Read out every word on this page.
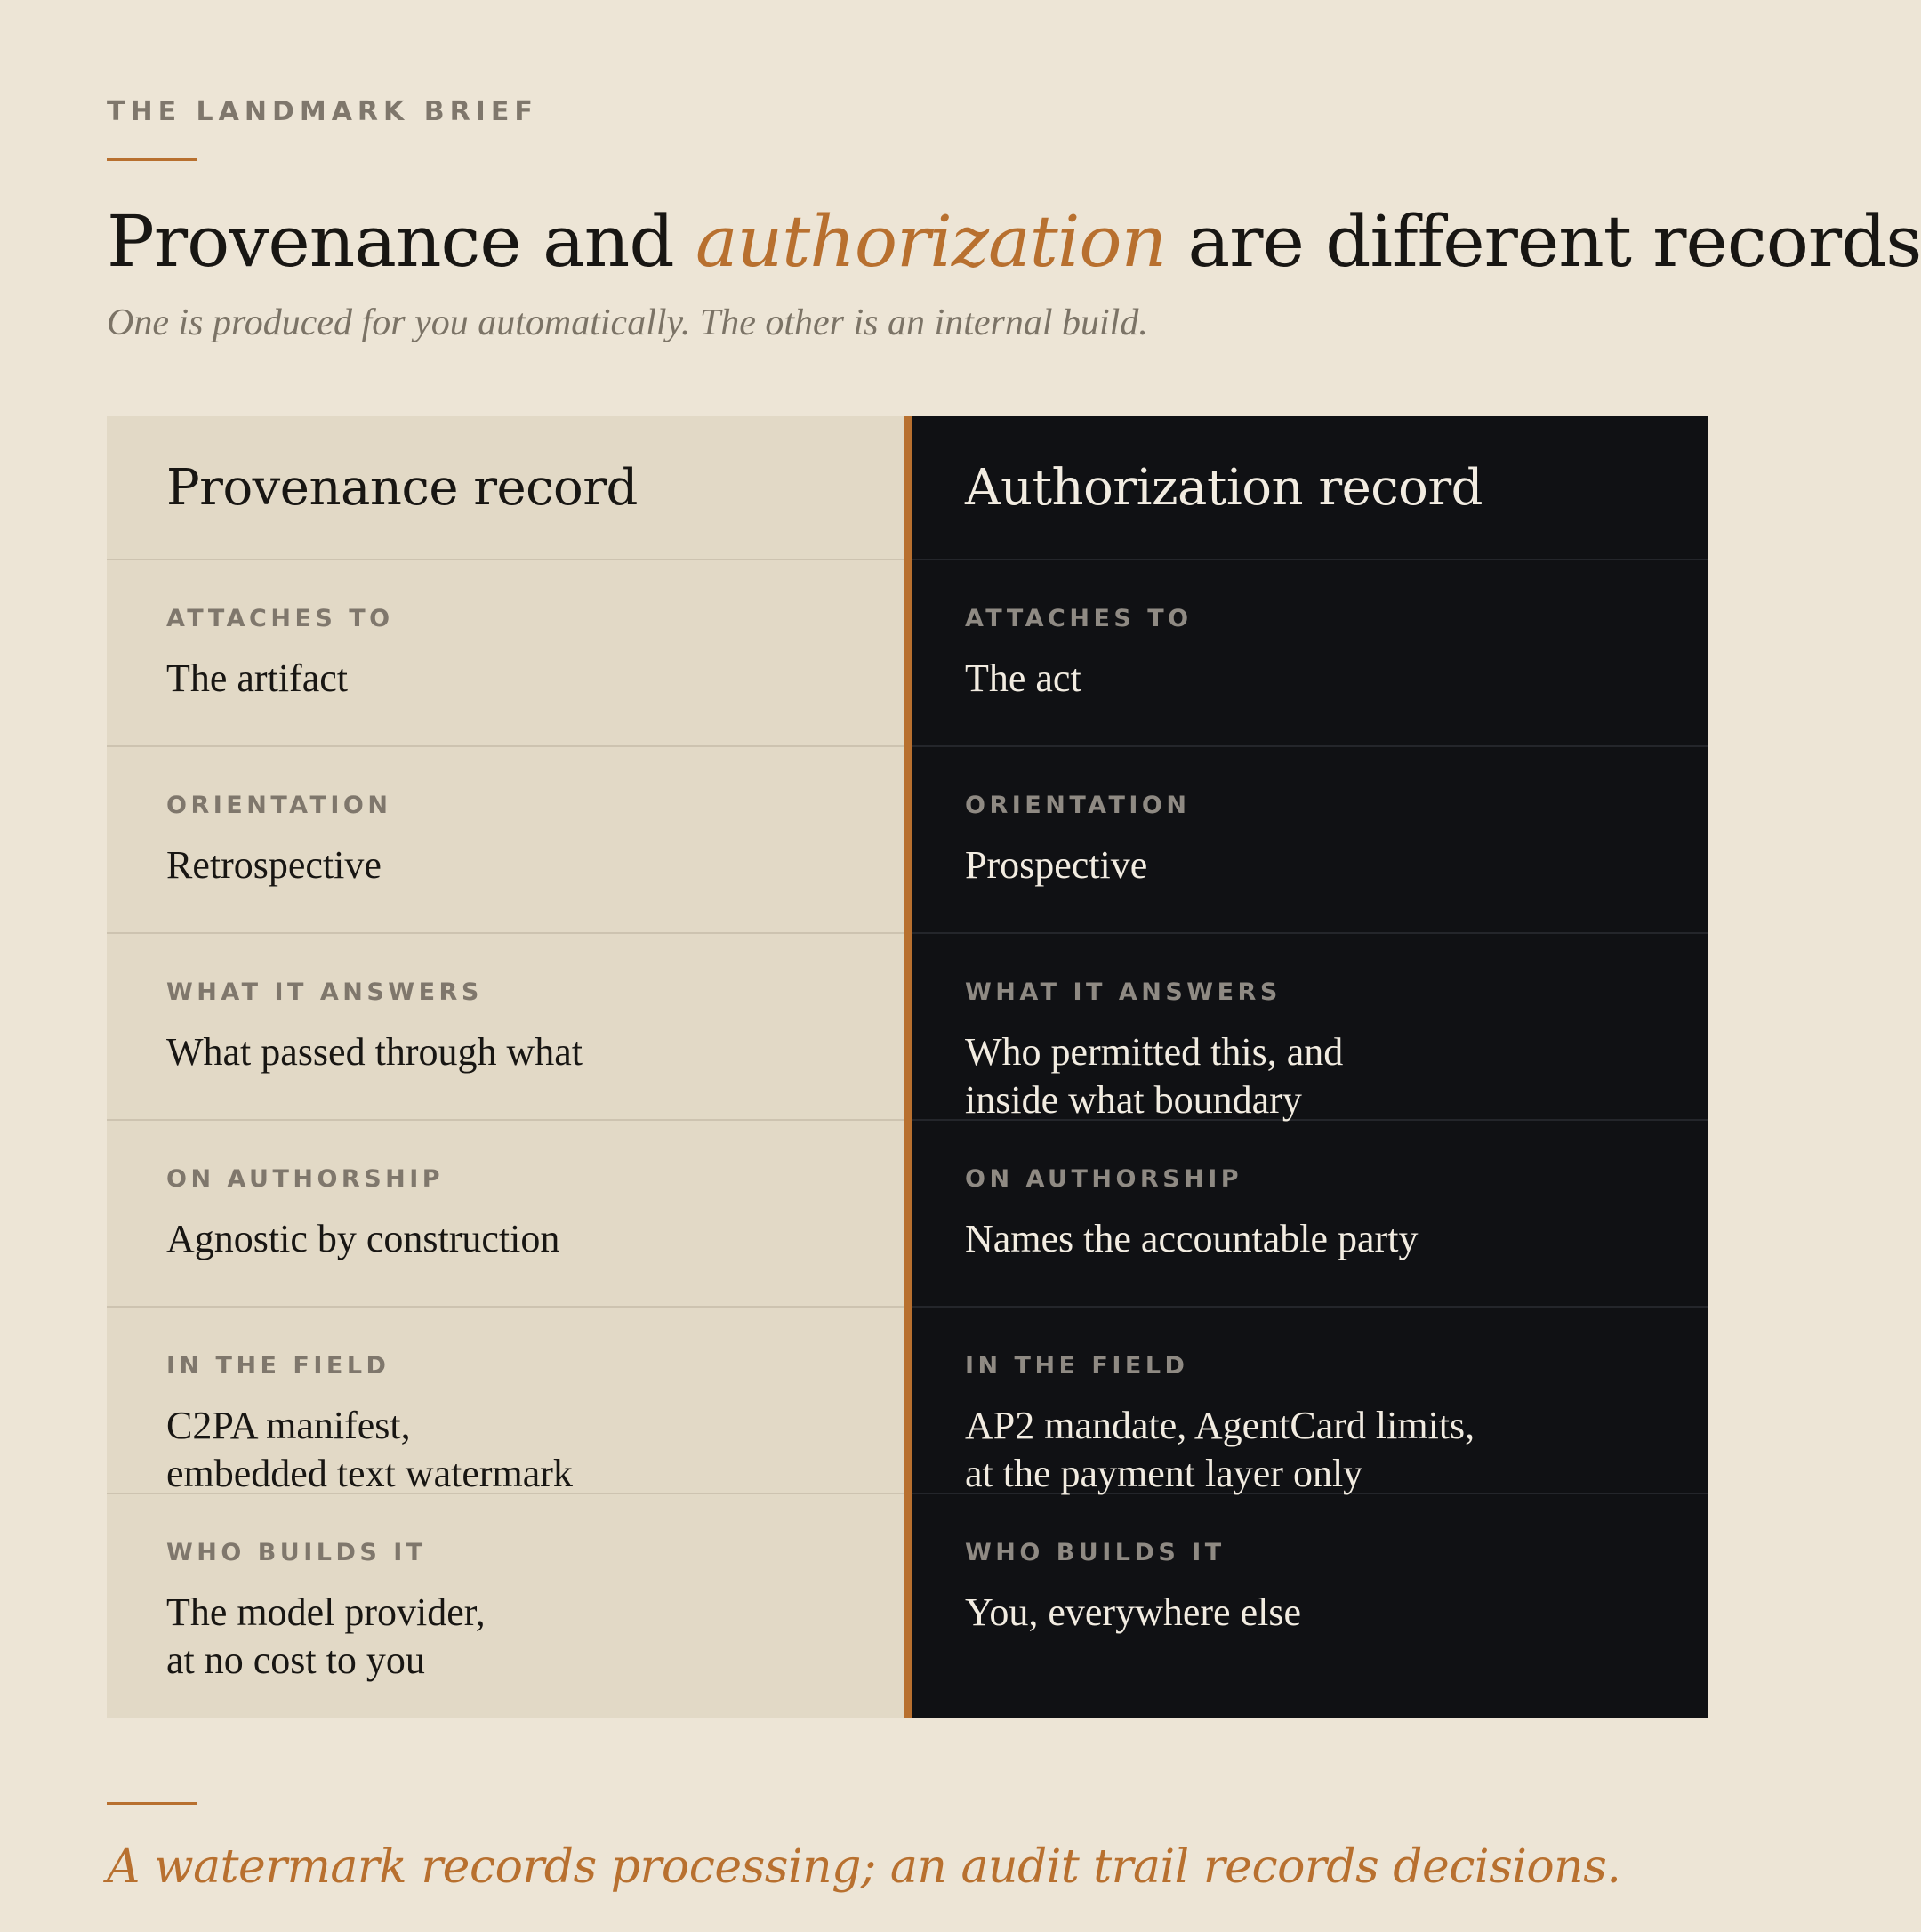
THE LANDMARK BRIEF
Provenance and authorization are different records
One is produced for you automatically. The other is an internal build.
Provenance record
ATTACHES TO
The artifact
ORIENTATION
Retrospective
WHAT IT ANSWERS
What passed through what
ON AUTHORSHIP
Agnostic by construction
IN THE FIELD
C2PA manifest,
embedded text watermark
WHO BUILDS IT
The model provider,
at no cost to you
Authorization record
ATTACHES TO
The act
ORIENTATION
Prospective
WHAT IT ANSWERS
Who permitted this, and
inside what boundary
ON AUTHORSHIP
Names the accountable party
IN THE FIELD
AP2 mandate, AgentCard limits,
at the payment layer only
WHO BUILDS IT
You, everywhere else
A watermark records processing; an audit trail records decisions.
